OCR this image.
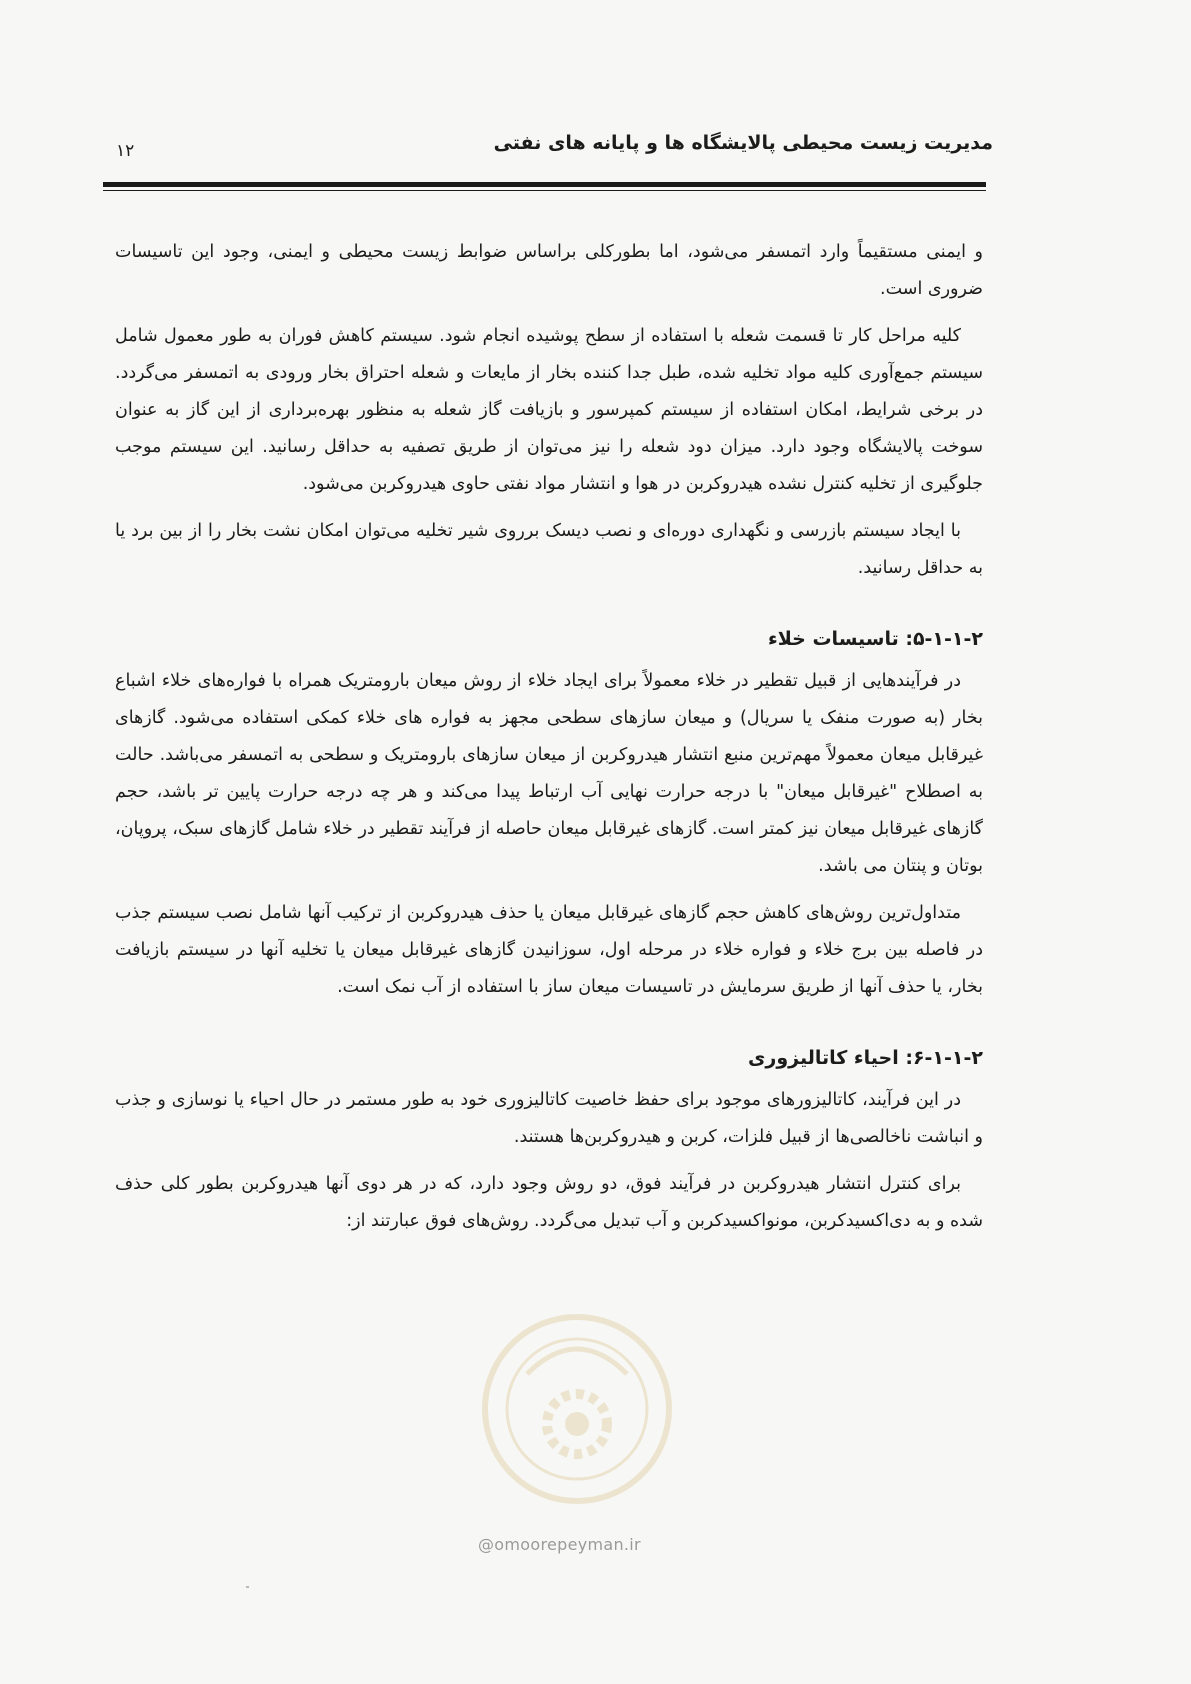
مدیریت زیست محیطی پالایشگاه ها و پایانه های نفتی
۱۲

و ایمنی مستقیماً وارد اتمسفر می‌شود، اما بطورکلی براساس ضوابط زیست محیطی و ایمنی، وجود این تاسیسات ضروری است.

کلیه مراحل کار تا قسمت شعله با استفاده از سطح پوشیده انجام شود. سیستم کاهش فوران به طور معمول شامل سیستم جمع‌آوری کلیه مواد تخلیه شده، طبل جدا کننده بخار از مایعات و شعله احتراق بخار ورودی به اتمسفر می‌گردد. در برخی شرایط، امکان استفاده از سیستم کمپرسور و بازیافت گاز شعله به منظور بهره‌برداری از این گاز به عنوان سوخت پالایشگاه وجود دارد. میزان دود شعله را نیز می‌توان از طریق تصفیه به حداقل رسانید. این سیستم موجب جلوگیری از تخلیه کنترل نشده هیدروکربن در هوا و انتشار مواد نفتی حاوی هیدروکربن می‌شود.

با ایجاد سیستم بازرسی و نگهداری دوره‌ای و نصب دیسک برروی شیر تخلیه می‌توان امکان نشت بخار را از بین برد یا به حداقل رسانید.

۵-۱-۱-۲: تاسیسات خلاء

در فرآیندهایی از قبیل تقطیر در خلاء معمولاً برای ایجاد خلاء از روش میعان بارومتریک همراه با فواره‌های خلاء اشباع بخار (به صورت منفک یا سریال) و میعان سازهای سطحی مجهز به فواره های خلاء کمکی استفاده می‌شود. گازهای غیرقابل میعان معمولاً مهم‌ترین منبع انتشار هیدروکربن از میعان سازهای بارومتریک و سطحی به اتمسفر می‌باشد. حالت به اصطلاح "غیرقابل میعان" با درجه حرارت نهایی آب ارتباط پیدا می‌کند و هر چه درجه حرارت پایین تر باشد، حجم گازهای غیرقابل میعان نیز کمتر است. گازهای غیرقابل میعان حاصله از فرآیند تقطیر در خلاء شامل گازهای سبک، پروپان، بوتان و پنتان می باشد.

متداول‌ترین روش‌های کاهش حجم گازهای غیرقابل میعان یا حذف هیدروکربن از ترکیب آنها شامل نصب سیستم جذب در فاصله بین برج خلاء و فواره خلاء در مرحله اول، سوزانیدن گازهای غیرقابل میعان یا تخلیه آنها در سیستم بازیافت بخار، یا حذف آنها از طریق سرمایش در تاسیسات میعان ساز با استفاده از آب نمک است.

۶-۱-۱-۲: احیاء کاتالیزوری

در این فرآیند، کاتالیزورهای موجود برای حفظ خاصیت کاتالیزوری خود به طور مستمر در حال احیاء یا نوسازی و جذب و انباشت ناخالصی‌ها از قبیل فلزات، کربن و هیدروکربن‌ها هستند.

برای کنترل انتشار هیدروکربن در فرآیند فوق، دو روش وجود دارد، که در هر دوی آنها هیدروکربن بطور کلی حذف شده و به دی‌اکسیدکربن، مونواکسیدکربن و آب تبدیل می‌گردد. روش‌های فوق عبارتند از:

@omoorepeyman.ir
